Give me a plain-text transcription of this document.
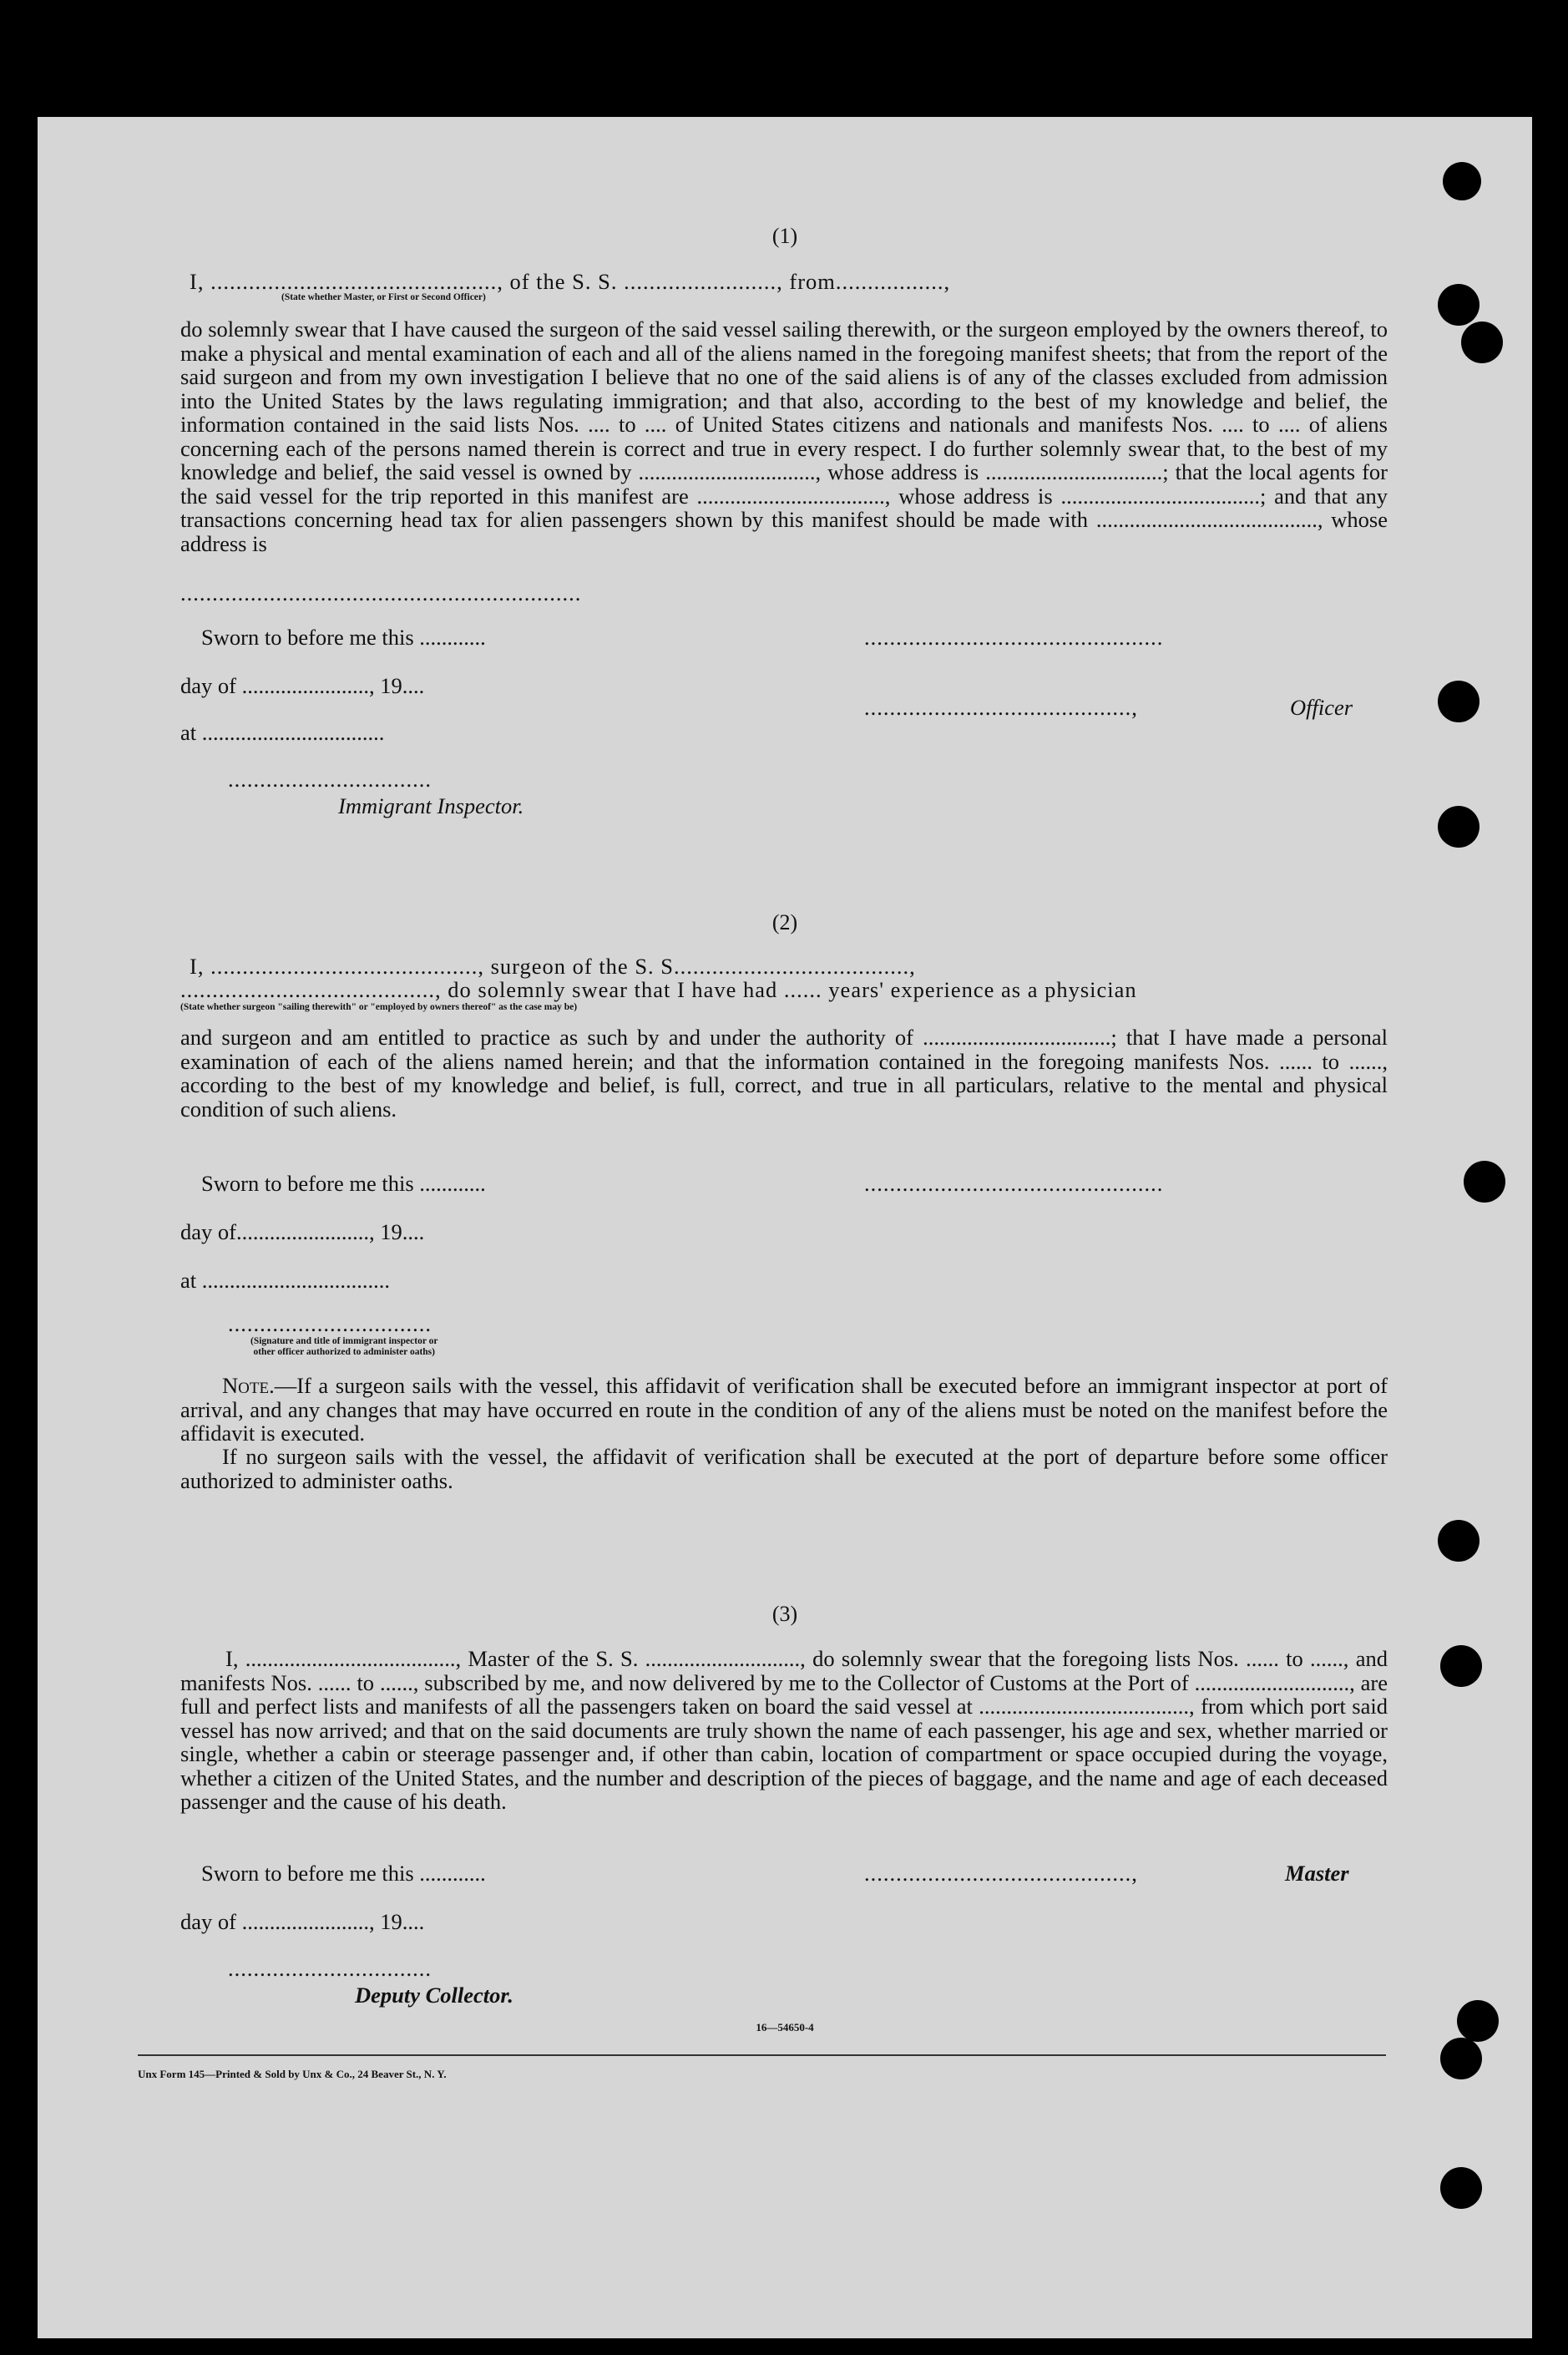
(1)
I, ............................................., of the S. S. ........................, from.................,
(State whether Master, or First or Second Officer)
do solemnly swear that I have caused the surgeon of the said vessel sailing therewith, or the surgeon employed by the owners thereof, to make a physical and mental examination of each and all of the aliens named in the foregoing manifest sheets; that from the report of the said surgeon and from my own investigation I believe that no one of the said aliens is of any of the classes excluded from admission into the United States by the laws regulating immigration; and that also, according to the best of my knowledge and belief, the information contained in the said lists Nos. .... to .... of United States citizens and nationals and manifests Nos. .... to .... of aliens concerning each of the persons named therein is correct and true in every respect. I do further solemnly swear that, to the best of my knowledge and belief, the said vessel is owned by ................................, whose address is ................................; that the local agents for the said vessel for the trip reported in this manifest are .................................., whose address is ....................................; and that any transactions concerning head tax for alien passengers shown by this manifest should be made with ........................................, whose address is
...............................................................
Sworn to before me this ............	...............................................
day of ......................., 19....
..........................................,	Officer
at .................................
................................
Immigrant Inspector.
(2)
I, .........................................., surgeon of the S. S.....................................,
........................................, do solemnly swear that I have had ...... years' experience as a physician
(State whether surgeon "sailing therewith" or "employed by owners thereof" as the case may be)
and surgeon and am entitled to practice as such by and under the authority of ..................................; that I have made a personal examination of each of the aliens named herein; and that the information contained in the foregoing manifests Nos. ...... to ......, according to the best of my knowledge and belief, is full, correct, and true in all particulars, relative to the mental and physical condition of such aliens.
Sworn to before me this ............	...............................................
day of........................, 19....
at ..................................
................................
(Signature and title of immigrant inspector or
other officer authorized to administer oaths)
Note.—If a surgeon sails with the vessel, this affidavit of verification shall be executed before an immigrant inspector at port of arrival, and any changes that may have occurred en route in the condition of any of the aliens must be noted on the manifest before the affidavit is executed.
If no surgeon sails with the vessel, the affidavit of verification shall be executed at the port of departure before some officer authorized to administer oaths.
(3)
I, ......................................, Master of the S. S. ............................, do solemnly swear that the foregoing lists Nos. ...... to ......, and manifests Nos. ...... to ......, subscribed by me, and now delivered by me to the Collector of Customs at the Port of ............................, are full and perfect lists and manifests of all the passengers taken on board the said vessel at ......................................, from which port said vessel has now arrived; and that on the said documents are truly shown the name of each passenger, his age and sex, whether married or single, whether a cabin or steerage passenger and, if other than cabin, location of compartment or space occupied during the voyage, whether a citizen of the United States, and the number and description of the pieces of baggage, and the name and age of each deceased passenger and the cause of his death.
Sworn to before me this ............	..........................................,	Master
day of ......................., 19....
................................
Deputy Collector.
16—54650-4
Unx Form 145—Printed & Sold by Unx & Co., 24 Beaver St., N. Y.
